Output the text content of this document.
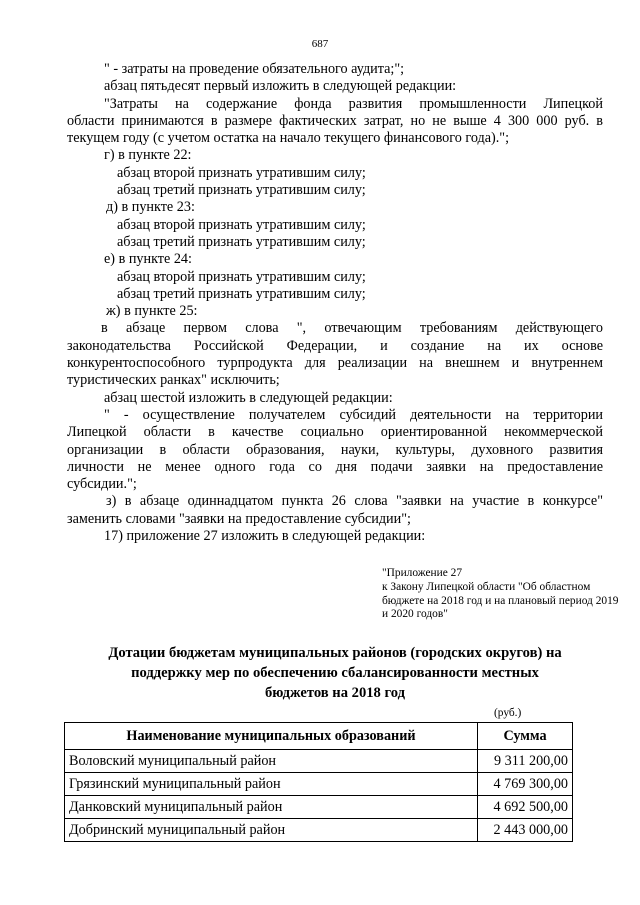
687
" - затраты на проведение обязательного аудита;";
абзац пятьдесят первый изложить в следующей редакции:
"Затраты на содержание фонда развития промышленности Липецкой
области принимаются в размере фактических затрат, но не выше 4 300 000 руб. в
текущем году (с учетом остатка на начало текущего финансового года).";
г) в пункте 22:
абзац второй признать утратившим силу;
абзац третий признать утратившим силу;
д) в пункте 23:
абзац второй признать утратившим силу;
абзац третий признать утратившим силу;
е) в пункте 24:
абзац второй признать утратившим силу;
абзац третий признать утратившим силу;
ж) в пункте 25:
в абзаце первом слова ", отвечающим требованиям действующего
законодательства Российской Федерации, и создание на их основе
конкурентоспособного турпродукта для реализации на внешнем и внутреннем
туристических ранках" исключить;
абзац шестой изложить в следующей редакции:
" - осуществление получателем субсидий деятельности на территории
Липецкой области в качестве социально ориентированной некоммерческой
организации в области образования, науки, культуры, духовного развития
личности не менее одного года со дня подачи заявки на предоставление
субсидии.";
з) в абзаце одиннадцатом пункта 26 слова "заявки на участие в конкурсе"
заменить словами "заявки на предоставление субсидии";
17) приложение 27 изложить в следующей редакции:
"Приложение 27
к Закону Липецкой области "Об областном
бюджете на 2018 год и на плановый период 2019
и 2020 годов"
Дотации бюджетам муниципальных районов (городских округов) на
поддержку мер по обеспечению сбалансированности местных
бюджетов на 2018 год
(руб.)
Наименование муниципальных образований	Сумма
Воловский муниципальный район	9 311 200,00
Грязинский муниципальный район	4 769 300,00
Данковский муниципальный район	4 692 500,00
Добринский муниципальный район	2 443 000,00
